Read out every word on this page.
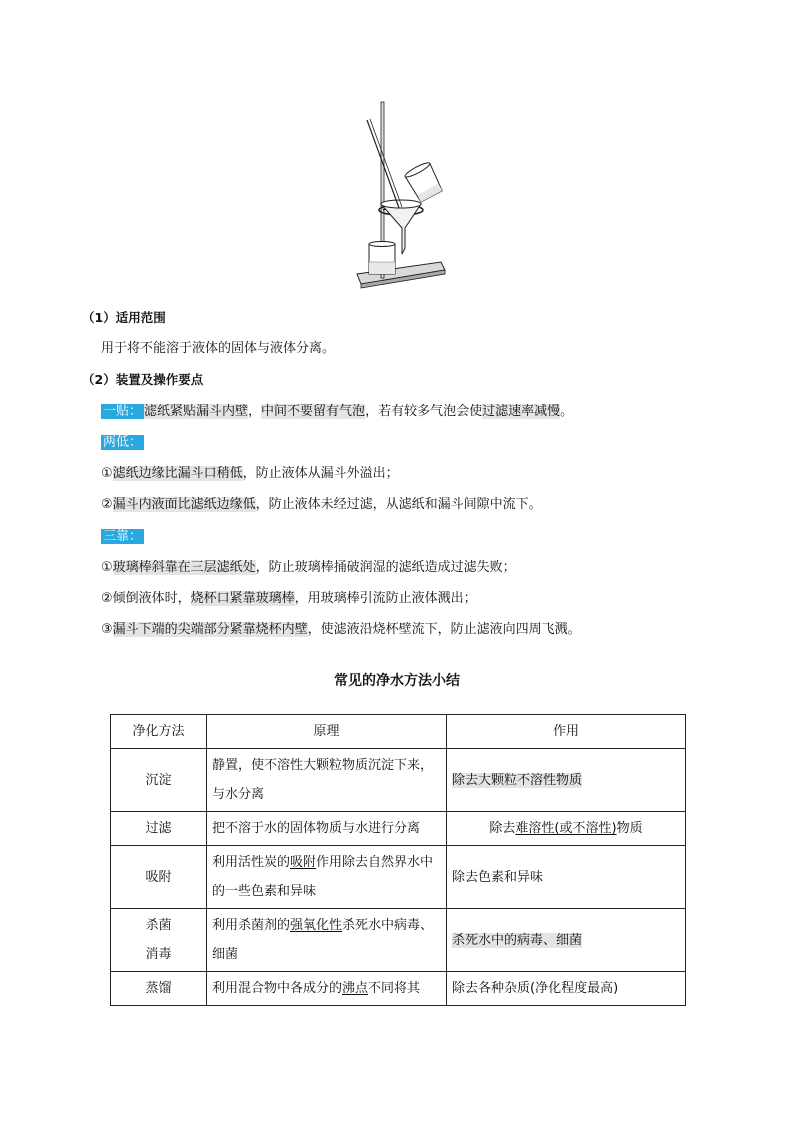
（1）适用范围
用于将不能溶于液体的固体与液体分离。
（2）装置及操作要点
一贴： 滤纸紧贴漏斗内壁，中间不要留有气泡，若有较多气泡会使过滤速率减慢。
两低：
①滤纸边缘比漏斗口稍低，防止液体从漏斗外溢出；
②漏斗内液面比滤纸边缘低，防止液体未经过滤，从滤纸和漏斗间隙中流下。
三靠：
①玻璃棒斜靠在三层滤纸处，防止玻璃棒捅破润湿的滤纸造成过滤失败；
②倾倒液体时，烧杯口紧靠玻璃棒，用玻璃棒引流防止液体溅出；
③漏斗下端的尖端部分紧靠烧杯内壁，使滤液沿烧杯壁流下，防止滤液向四周飞溅。
常见的净水方法小结
净化方法	原理	作用
沉淀	静置，使不溶性大颗粒物质沉淀下来，与水分离	除去大颗粒不溶性物质
过滤	把不溶于水的固体物质与水进行分离	除去难溶性(或不溶性)物质
吸附	利用活性炭的吸附作用除去自然界水中的一些色素和异味	除去色素和异味
杀菌
消毒	利用杀菌剂的强氧化性杀死水中病毒、细菌	杀死水中的病毒、细菌
蒸馏	利用混合物中各成分的沸点不同将其	除去各种杂质(净化程度最高)
